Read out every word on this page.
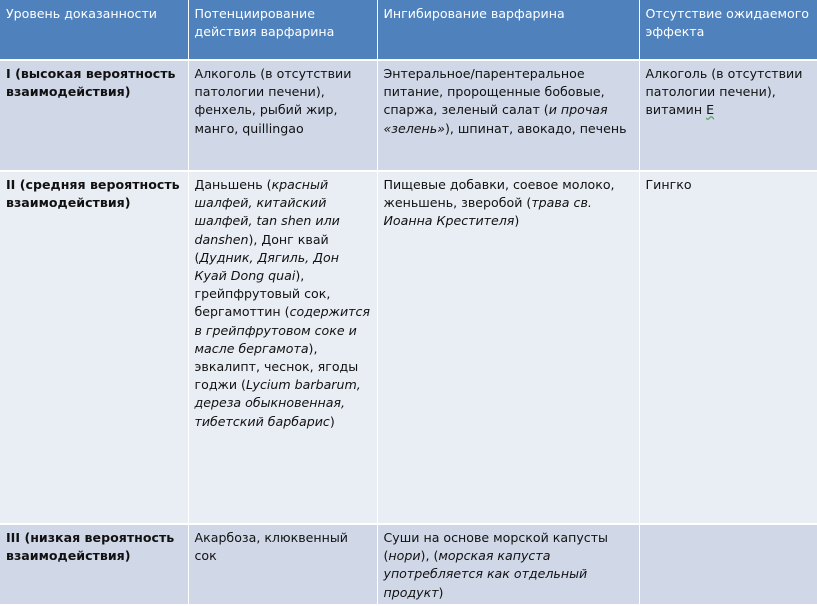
Уровень доказанности	Потенциирование действия варфарина	Ингибирование варфарина	Отсутствие ожидаемого эффекта
I (высокая вероятность взаимодействия)	Алкоголь (в отсутствии патологии печени), фенхель, рыбий жир, манго, quillingao	Энтеральное/парентеральное питание, пророщенные бобовые, спаржа, зеленый салат (и прочая «зелень»), шпинат, авокадо, печень	Алкоголь (в отсутствии патологии печени), витамин Е
II (средняя вероятность взаимодействия)	Даньшень (красный шалфей, китайский шалфей, tan shen или danshen), Донг квай (Дудник, Дягиль, Дон Куай Dong quai), грейпфрутовый сок, бергамоттин (содержится в грейпфрутовом соке и масле бергамота), эвкалипт, чеснок, ягоды годжи (Lycium barbarum, дереза обыкновенная, тибетский барбарис)	Пищевые добавки, соевое молоко, женьшень, зверобой (трава св. Иоанна Крестителя)	Гингко
III (низкая вероятность взаимодействия)	Акарбоза, клюквенный сок	Суши на основе морской капусты (нори), (морская капуста употребляется как отдельный продукт)	
